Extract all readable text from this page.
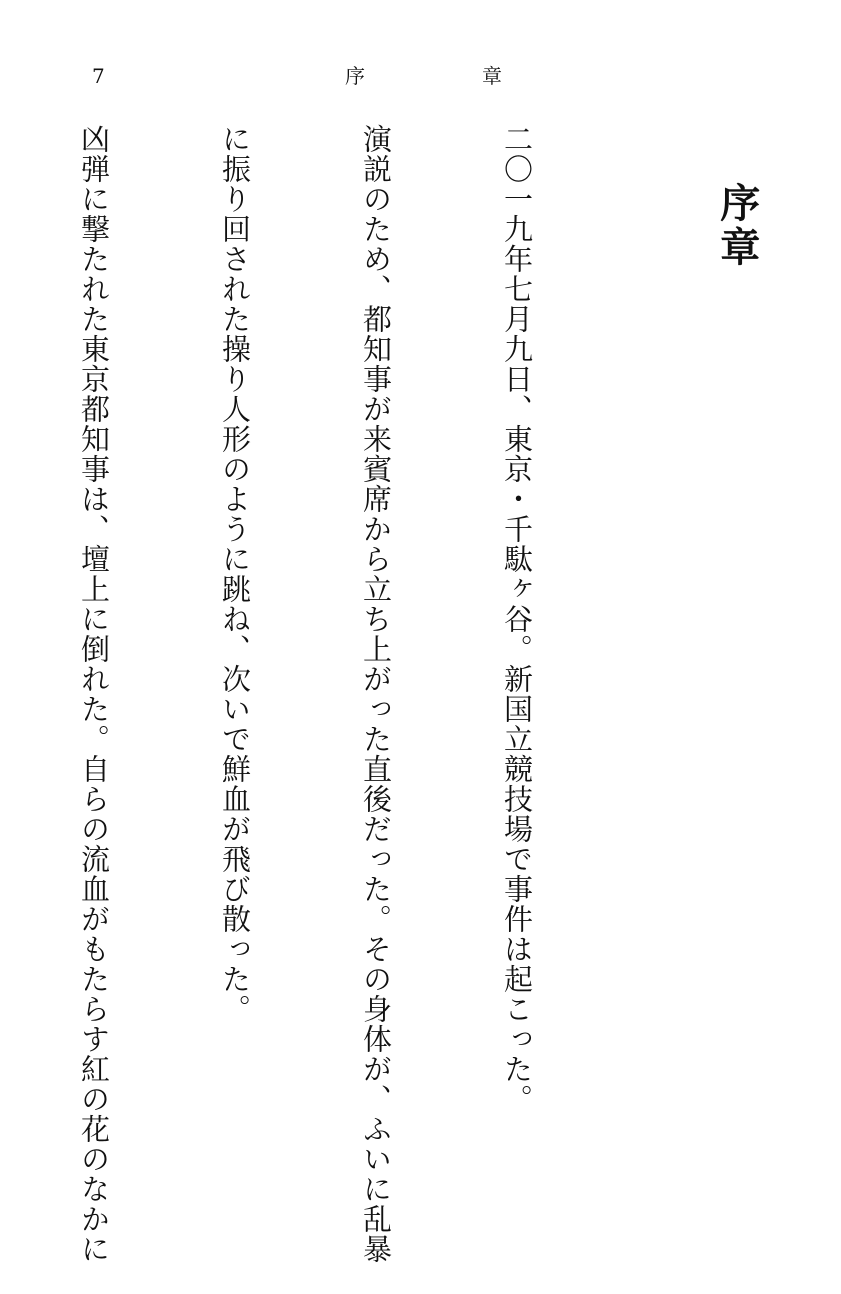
7	序	章
序章

二〇一九年七月九日、東京・千駄ヶ谷。新国立競技場で事件は起こった。

演説のため、都知事が来賓席から立ち上がった直後だった。その身体が、ふいに乱暴

に振り回された操り人形のように跳ね、次いで鮮血が飛び散った。

凶弾に撃たれた東京都知事は、壇上に倒れた。自らの流血がもたらす紅の花のなかに
